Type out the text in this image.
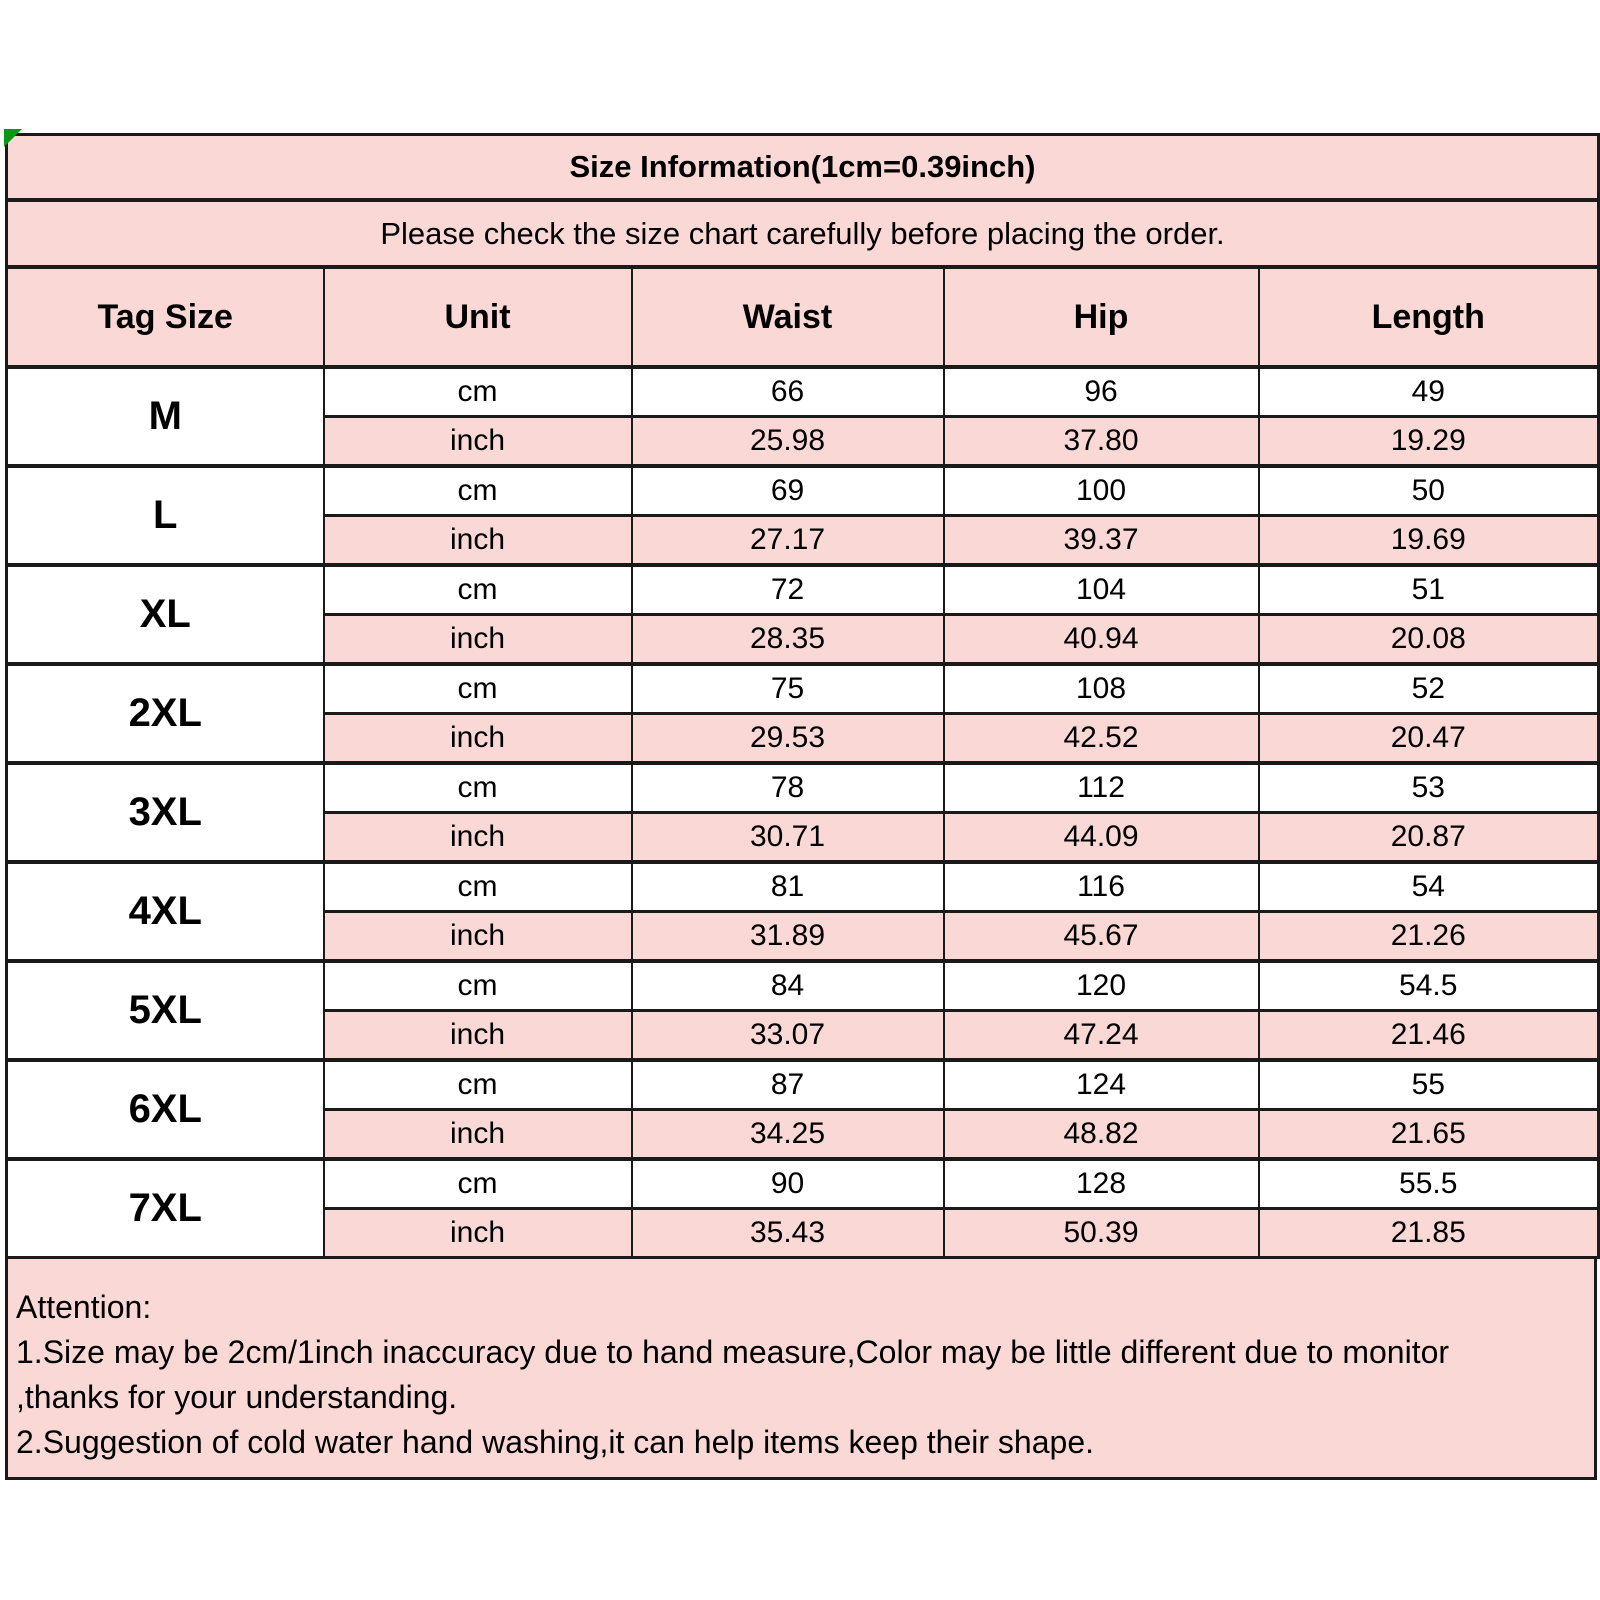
Size Information(1cm=0.39inch)				
Please check the size chart carefully before placing the order.				
Tag Size	Unit	Waist	Hip	Length
M	cm	66	96	49
	inch	25.98	37.80	19.29
L	cm	69	100	50
	inch	27.17	39.37	19.69
XL	cm	72	104	51
	inch	28.35	40.94	20.08
2XL	cm	75	108	52
	inch	29.53	42.52	20.47
3XL	cm	78	112	53
	inch	30.71	44.09	20.87
4XL	cm	81	116	54
	inch	31.89	45.67	21.26
5XL	cm	84	120	54.5
	inch	33.07	47.24	21.46
6XL	cm	87	124	55
	inch	34.25	48.82	21.65
7XL	cm	90	128	55.5
	inch	35.43	50.39	21.85
Attention:
1.Size may be 2cm/1inch inaccuracy due to hand measure,Color may be little different due to monitor
,thanks for your understanding.
2.Suggestion of cold water hand washing,it can help items keep their shape.
